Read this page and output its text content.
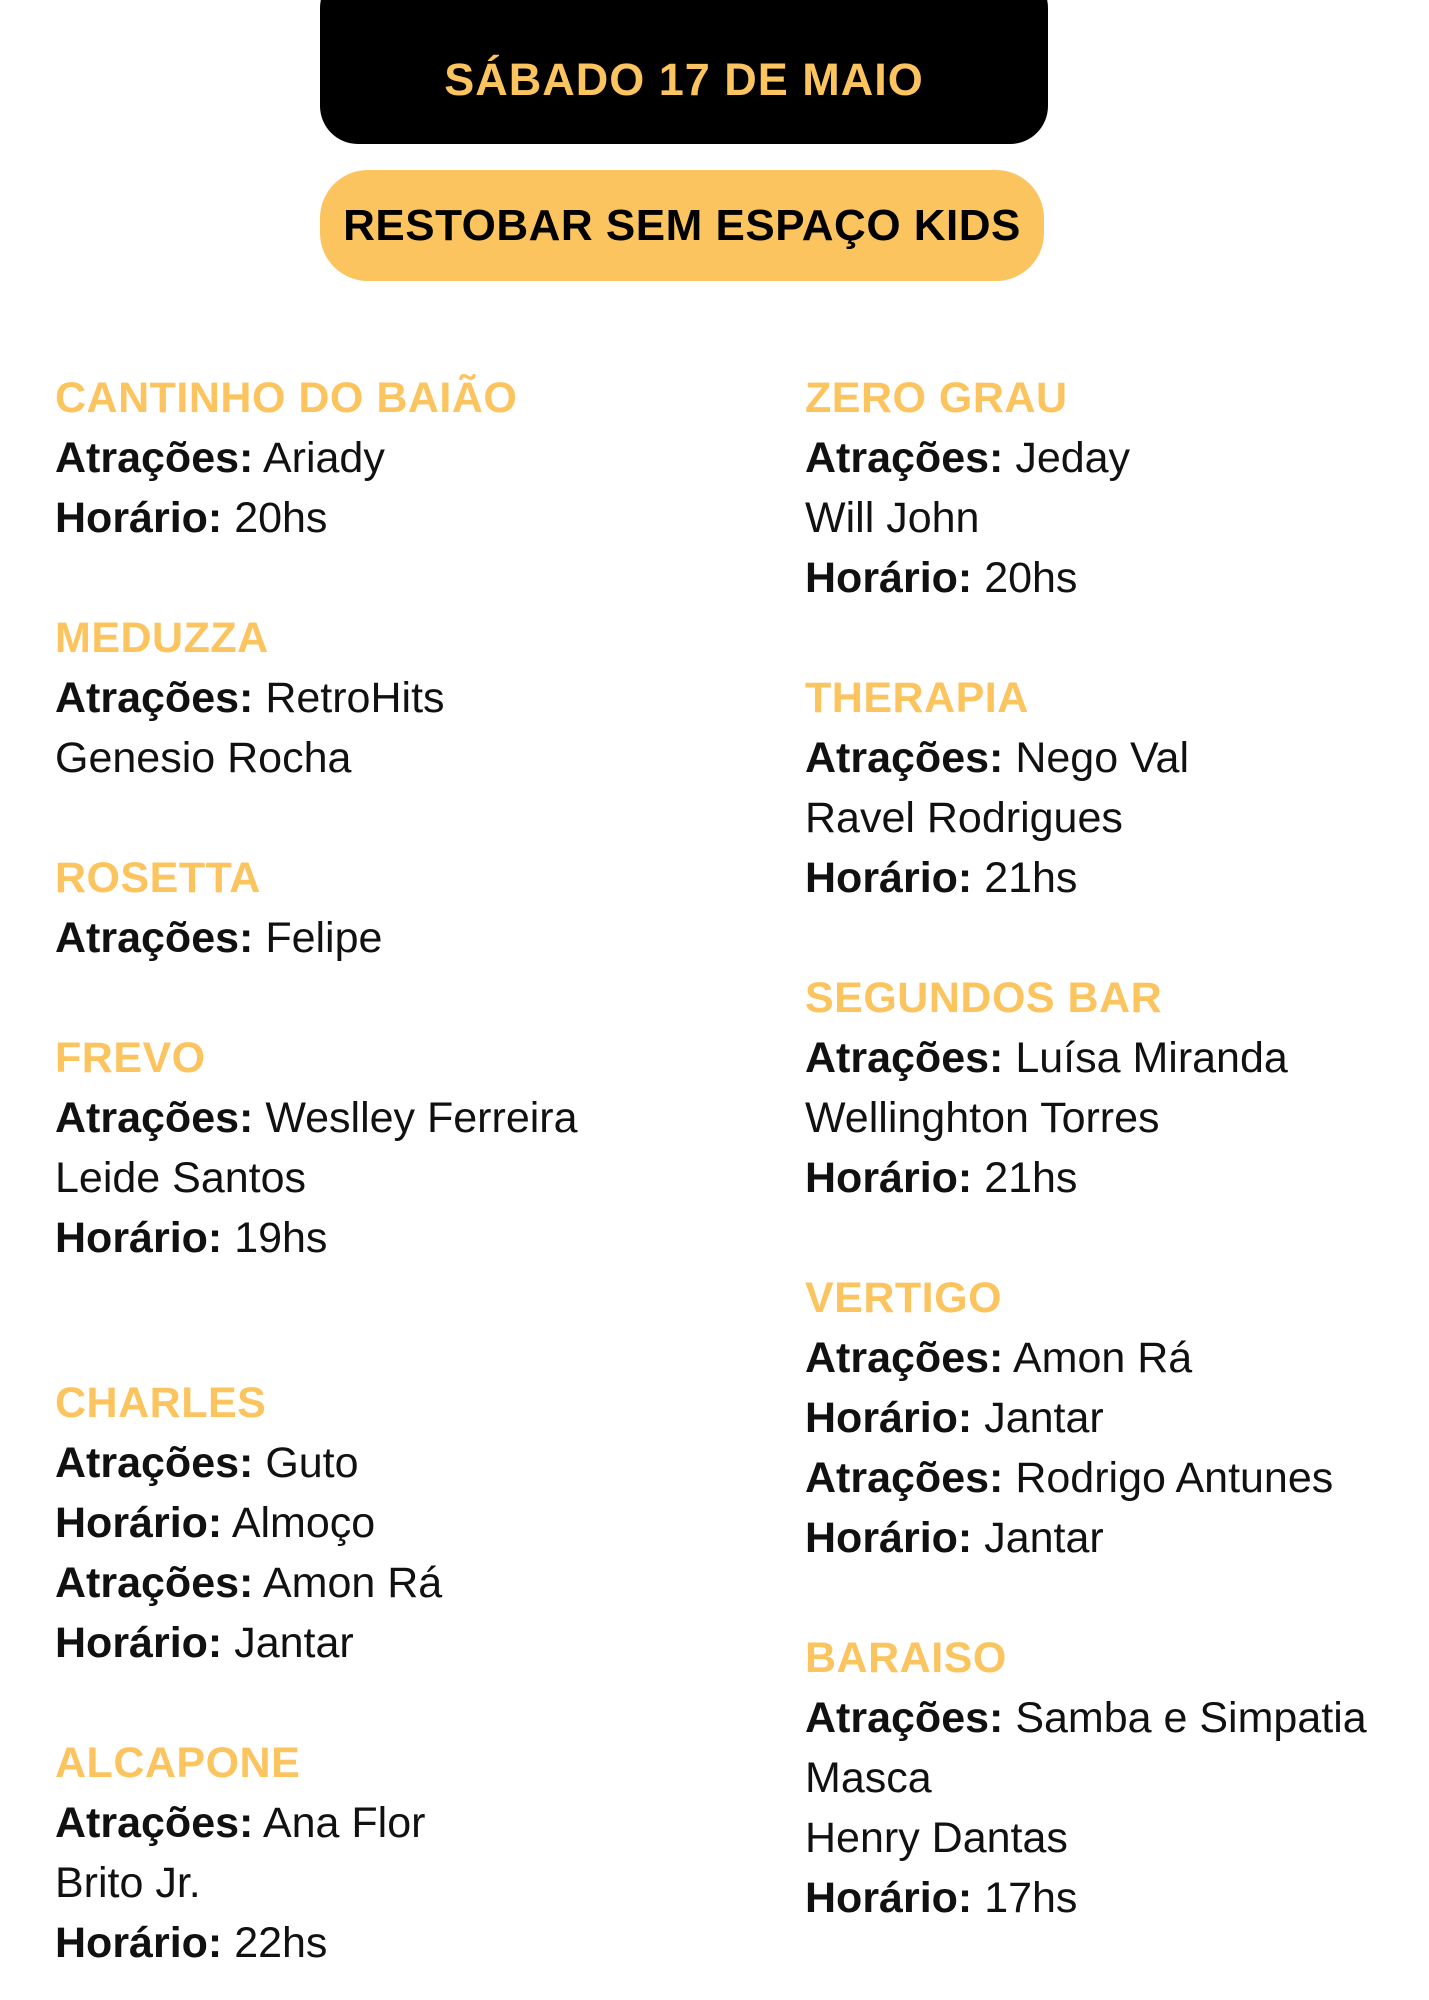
SÁBADO 17 DE MAIO
RESTOBAR SEM ESPAÇO KIDS
CANTINHO DO BAIÃO
Atrações: Ariady
Horário: 20hs
MEDUZZA
Atrações: RetroHits
Genesio Rocha
ROSETTA
Atrações: Felipe
FREVO
Atrações: Weslley Ferreira
Leide Santos
Horário: 19hs
CHARLES
Atrações: Guto
Horário: Almoço
Atrações: Amon Rá
Horário: Jantar
ALCAPONE
Atrações: Ana Flor
Brito Jr.
Horário: 22hs
ZERO GRAU
Atrações: Jeday
Will John
Horário: 20hs
THERAPIA
Atrações: Nego Val
Ravel Rodrigues
Horário: 21hs
SEGUNDOS BAR
Atrações: Luísa Miranda
Wellinghton Torres
Horário: 21hs
VERTIGO
Atrações: Amon Rá
Horário: Jantar
Atrações: Rodrigo Antunes
Horário: Jantar
BARAISO
Atrações: Samba e Simpatia
Masca
Henry Dantas
Horário: 17hs
